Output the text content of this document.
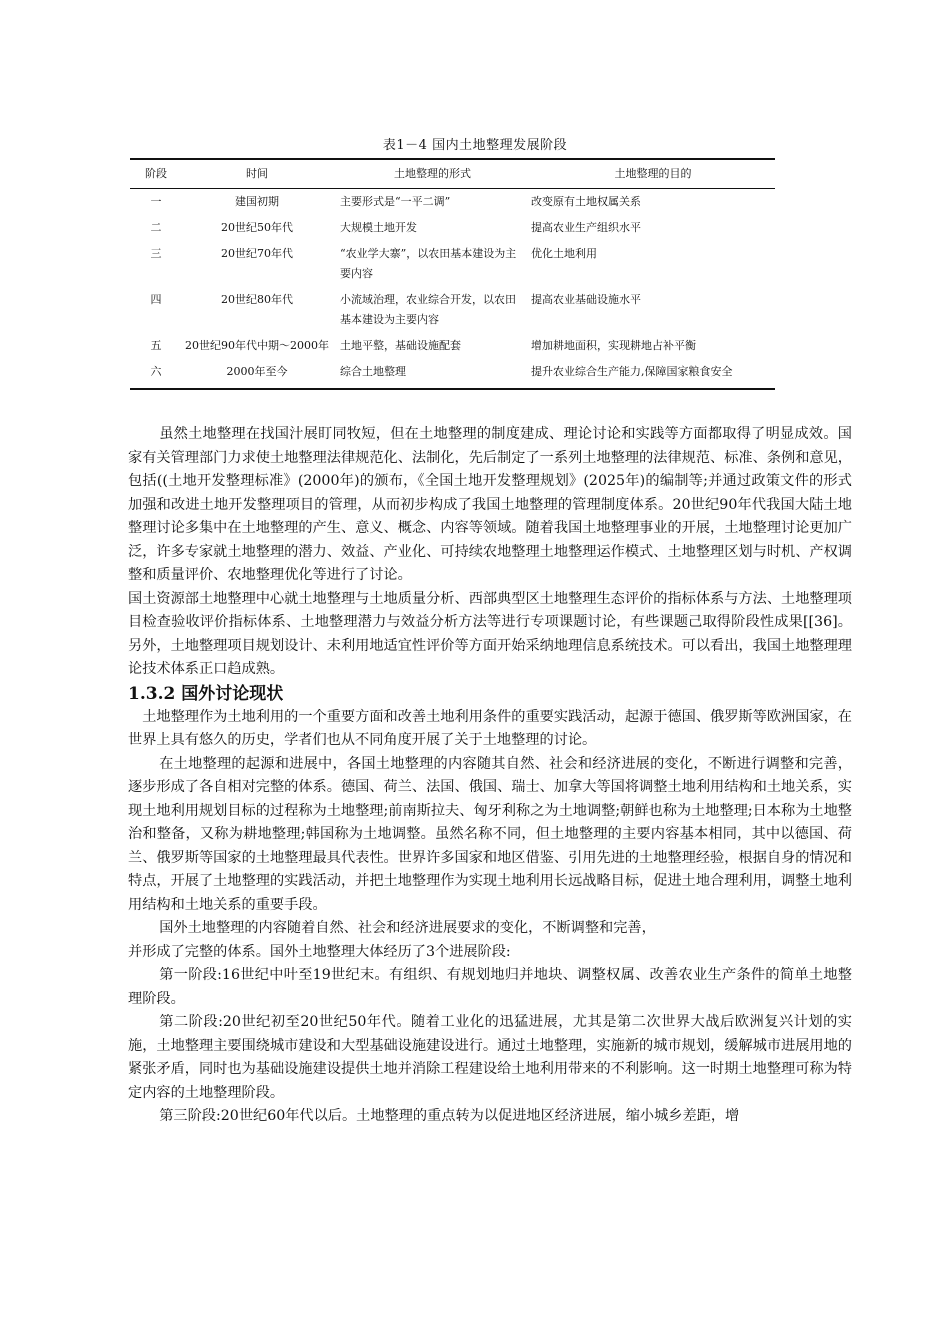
表1－4 国内土地整理发展阶段
阶段	时间	土地整理的形式	土地整理的目的
一	建国初期	主要形式是“一平二调”	改变原有土地权属关系
二	20世纪50年代	大规模土地开发	提高农业生产组织水平
三	20世纪70年代	“农业学大寨”，以农田基本建设为主要内容	优化土地利用
四	20世纪80年代	小流域治理，农业综合开发，以农田基本建设为主要内容	提高农业基础设施水平
五	20世纪90年代中期～2000年	土地平整，基础设施配套	增加耕地面积，实现耕地占补平衡
六	2000年至今	综合土地整理	提升农业综合生产能力,保障国家粮食安全

虽然土地整理在找国汁展盯同牧短，但在土地整理的制度建成、理论讨论和实践等方面都取得了明显成效。国家有关管理部门力求使土地整理法律规范化、法制化，先后制定了一系列土地整理的法律规范、标准、条例和意见，包括((土地开发整理标准》(2000年)的颁布，《全国土地开发整理规划》(2025年)的编制等;并通过政策文件的形式加强和改进土地开发整理项目的管理，从而初步构成了我国土地整理的管理制度体系。20世纪90年代我国大陆土地整理讨论多集中在土地整理的产生、意义、概念、内容等领域。随着我国土地整理事业的开展，土地整理讨论更加广泛，许多专家就土地整理的潜力、效益、产业化、可持续农地整理土地整理运作模式、土地整理区划与时机、产权调整和质量评价、农地整理优化等进行了讨论。

国土资源部土地整理中心就土地整理与土地质量分析、西部典型区土地整理生态评价的指标体系与方法、土地整理项目检查验收评价指标体系、土地整理潜力与效益分析方法等进行专项课题讨论，有些课题己取得阶段性成果[[36]。另外，土地整理项目规划设计、未利用地适宜性评价等方面开始采纳地理信息系统技术。可以看出，我国土地整理理论技术体系正口趋成熟。

1.3.2 国外讨论现状

土地整理作为土地利用的一个重要方面和改善土地利用条件的重要实践活动，起源于德国、俄罗斯等欧洲国家，在世界上具有悠久的历史，学者们也从不同角度开展了关于土地整理的讨论。

在土地整理的起源和进展中，各国土地整理的内容随其自然、社会和经济进展的变化，不断进行调整和完善，逐步形成了各自相对完整的体系。德国、荷兰、法国、俄国、瑞士、加拿大等国将调整土地利用结构和土地关系，实现土地利用规划目标的过程称为土地整理;前南斯拉夫、匈牙利称之为土地调整;朝鲜也称为土地整理;日本称为土地整治和整备，又称为耕地整理;韩国称为土地调整。虽然名称不同，但土地整理的主要内容基本相同，其中以德国、荷兰、俄罗斯等国家的土地整理最具代表性。世界许多国家和地区借鉴、引用先进的土地整理经验，根据自身的情况和特点，开展了土地整理的实践活动，并把土地整理作为实现土地利用长远战略目标，促进土地合理利用，调整土地利用结构和土地关系的重要手段。

国外土地整理的内容随着自然、社会和经济进展要求的变化，不断调整和完善，

并形成了完整的体系。国外土地整理大体经历了3个进展阶段:

第一阶段:16世纪中叶至19世纪末。有组织、有规划地归并地块、调整权属、改善农业生产条件的简单土地整理阶段。

第二阶段:20世纪初至20世纪50年代。随着工业化的迅猛进展，尤其是第二次世界大战后欧洲复兴计划的实施，土地整理主要围绕城市建设和大型基础设施建设进行。通过土地整理，实施新的城市规划，缓解城市进展用地的紧张矛盾，同时也为基础设施建设提供土地并消除工程建设给土地利用带来的不利影响。这一时期土地整理可称为特定内容的土地整理阶段。

第三阶段:20世纪60年代以后。土地整理的重点转为以促进地区经济进展，缩小城乡差距，增
